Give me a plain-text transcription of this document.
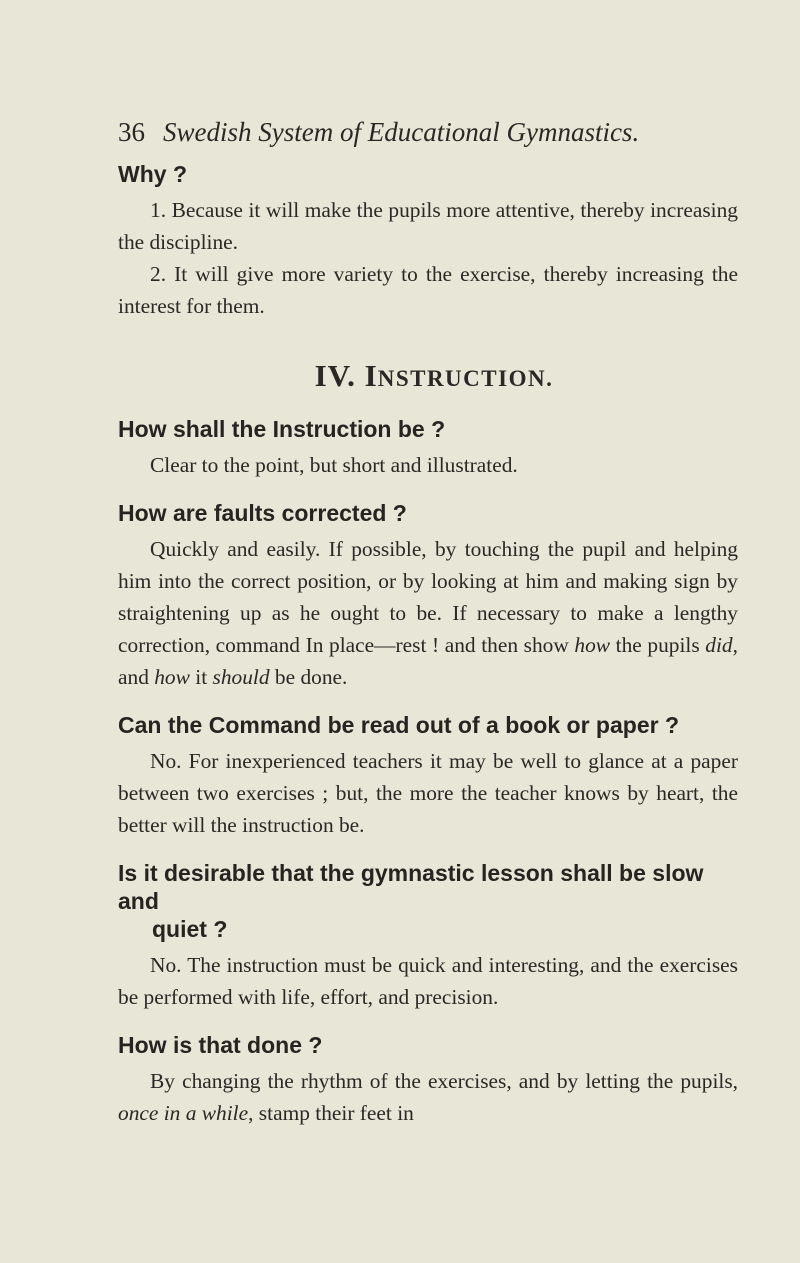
36 Swedish System of Educational Gymnastics.
Why ?

1. Because it will make the pupils more attentive, thereby increasing the discipline.

2. It will give more variety to the exercise, thereby increasing the interest for them.

IV. INSTRUCTION.
How shall the Instruction be ?

Clear to the point, but short and illustrated.

How are faults corrected ?

Quickly and easily. If possible, by touching the pupil and helping him into the correct position, or by looking at him and making sign by straightening up as he ought to be. If necessary to make a lengthy correction, command In place—rest ! and then show how the pupils did, and how it should be done.

Can the Command be read out of a book or paper ?

No. For inexperienced teachers it may be well to glance at a paper between two exercises ; but, the more the teacher knows by heart, the better will the instruction be.

Is it desirable that the gymnastic lesson shall be slow and
quiet ?

No. The instruction must be quick and interesting, and the exercises be performed with life, effort, and precision.

How is that done ?

By changing the rhythm of the exercises, and by letting the pupils, once in a while, stamp their feet in
